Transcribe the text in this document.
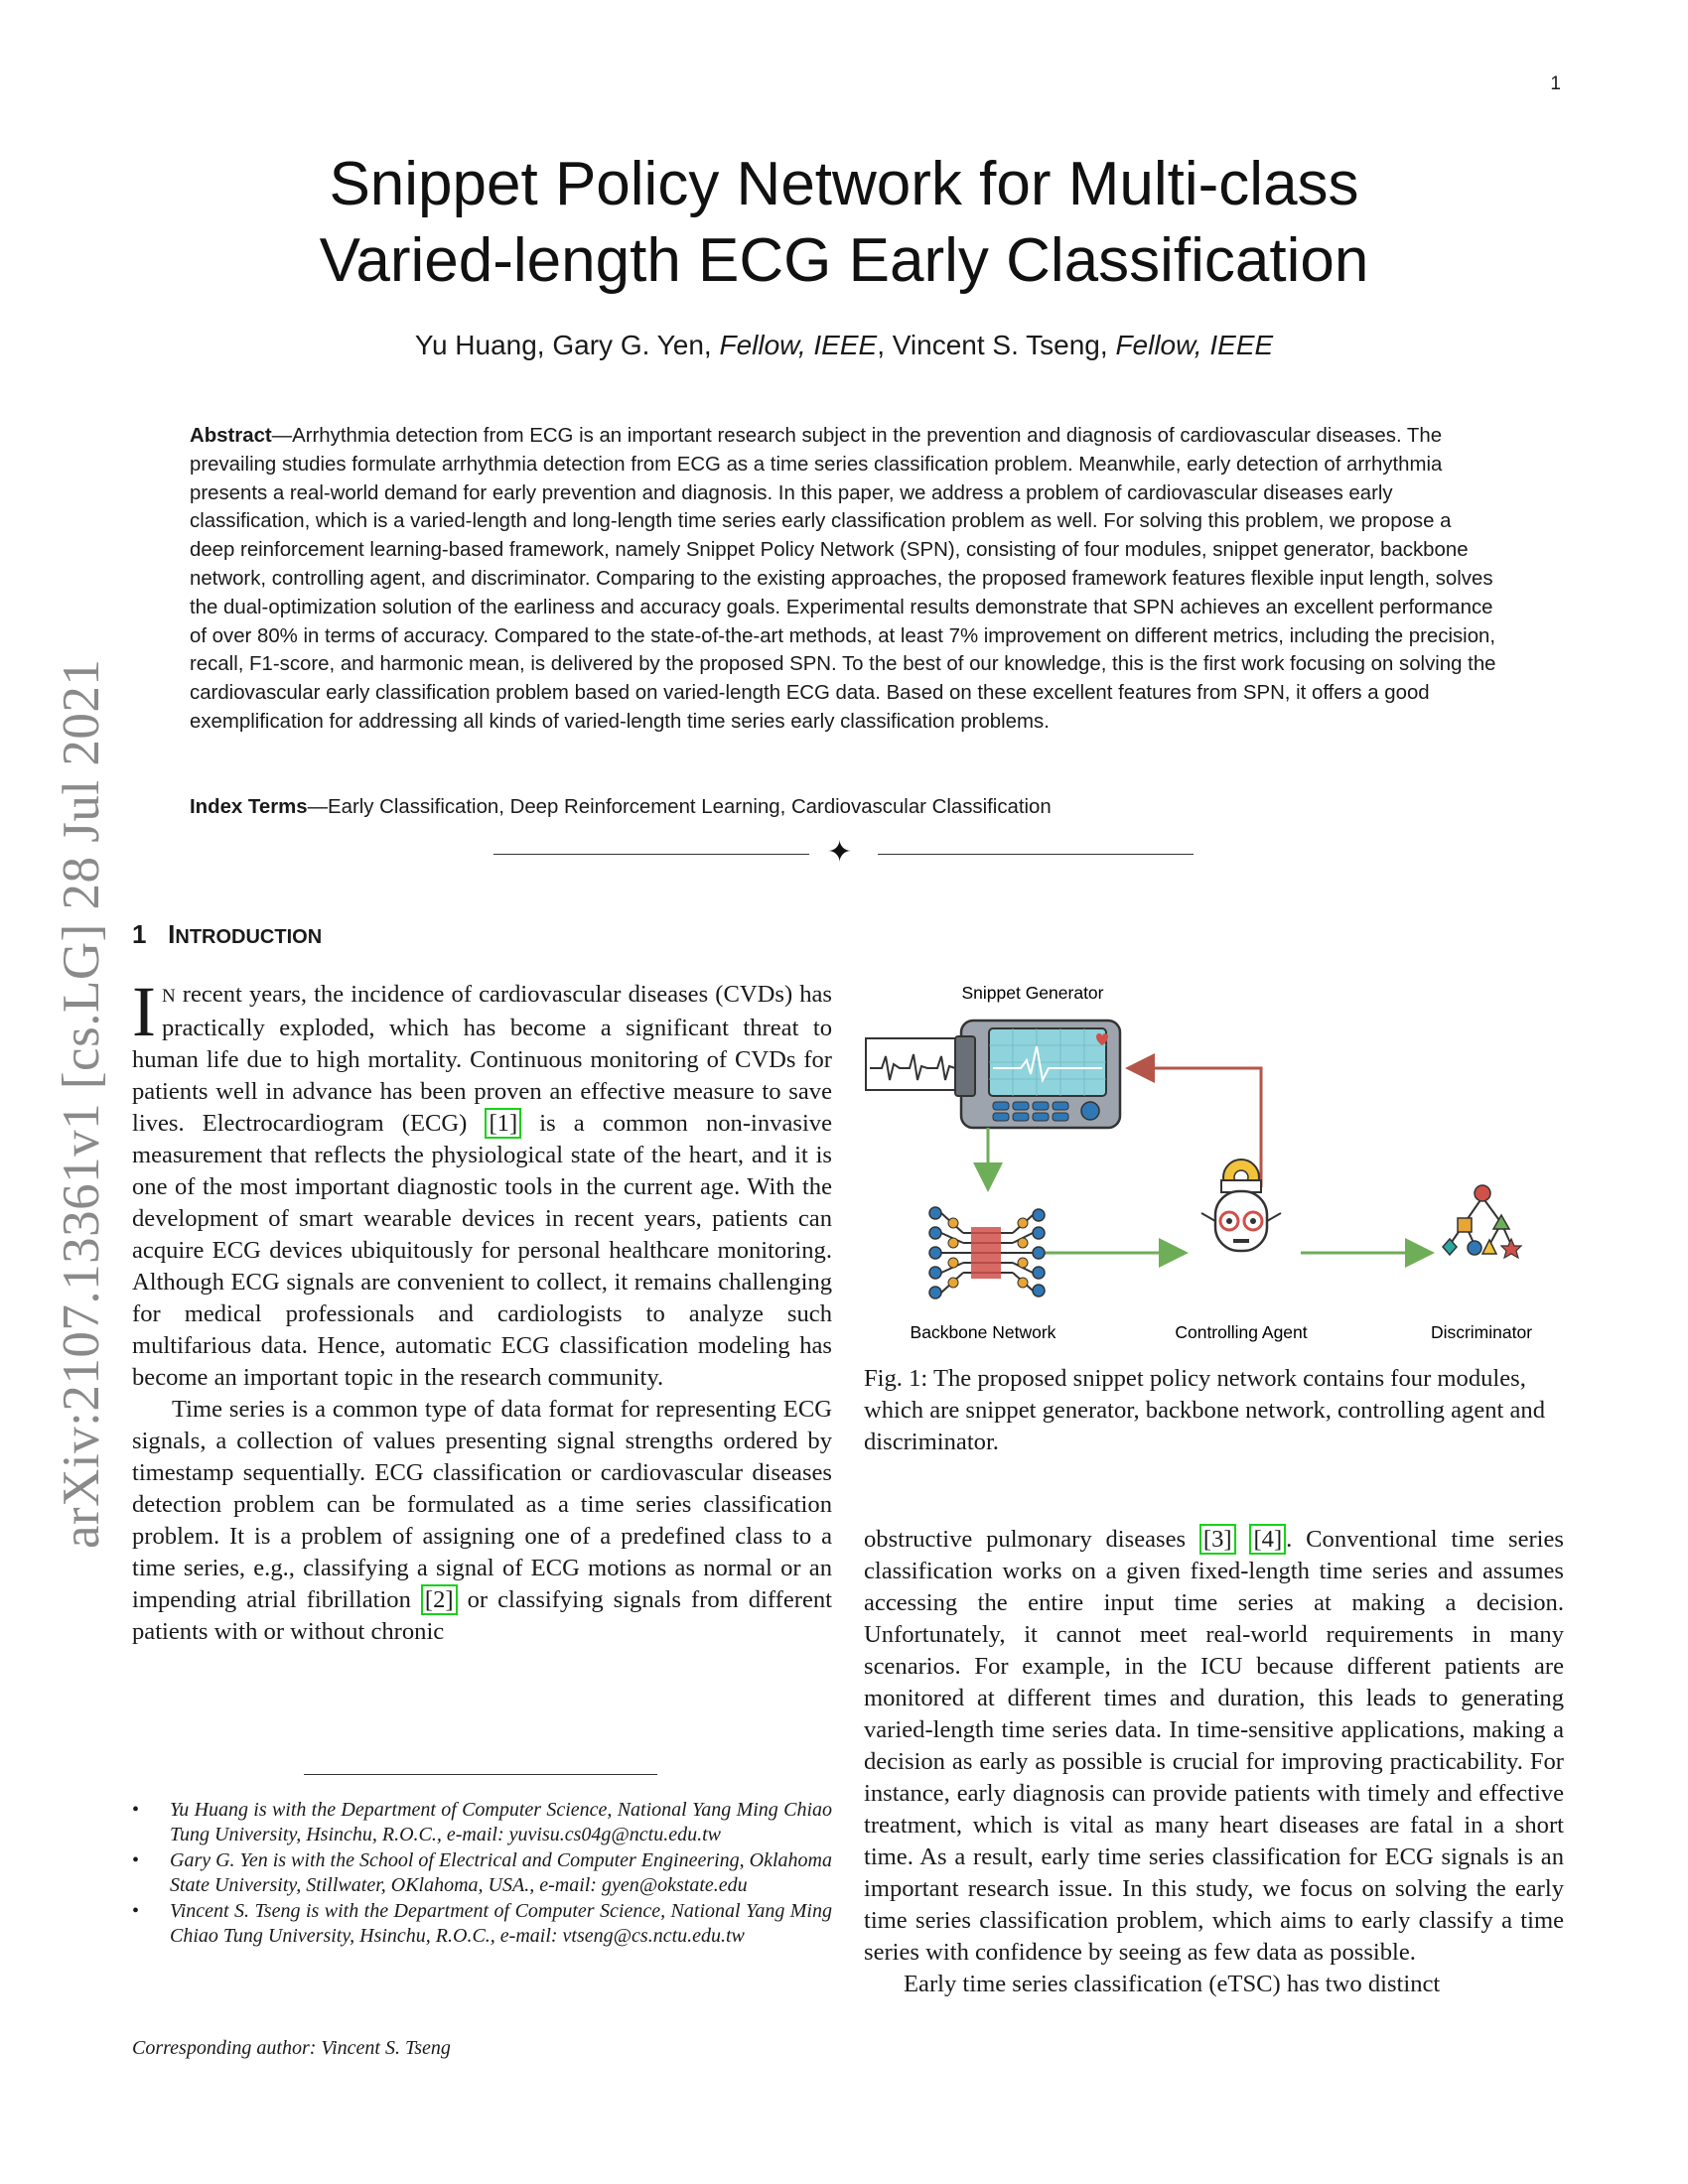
1
Snippet Policy Network for Multi-class
Varied-length ECG Early Classification
Yu Huang, Gary G. Yen, Fellow, IEEE, Vincent S. Tseng, Fellow, IEEE
Abstract—Arrhythmia detection from ECG is an important research subject in the prevention and diagnosis of cardiovascular diseases. The prevailing studies formulate arrhythmia detection from ECG as a time series classification problem. Meanwhile, early detection of arrhythmia presents a real-world demand for early prevention and diagnosis. In this paper, we address a problem of cardiovascular diseases early classification, which is a varied-length and long-length time series early classification problem as well. For solving this problem, we propose a deep reinforcement learning-based framework, namely Snippet Policy Network (SPN), consisting of four modules, snippet generator, backbone network, controlling agent, and discriminator. Comparing to the existing approaches, the proposed framework features flexible input length, solves the dual-optimization solution of the earliness and accuracy goals. Experimental results demonstrate that SPN achieves an excellent performance of over 80% in terms of accuracy. Compared to the state-of-the-art methods, at least 7% improvement on different metrics, including the precision, recall, F1-score, and harmonic mean, is delivered by the proposed SPN. To the best of our knowledge, this is the first work focusing on solving the cardiovascular early classification problem based on varied-length ECG data. Based on these excellent features from SPN, it offers a good exemplification for addressing all kinds of varied-length time series early classification problems.
Index Terms—Early Classification, Deep Reinforcement Learning, Cardiovascular Classification
✦
arXiv:2107.13361v1 [cs.LG] 28 Jul 2021 1 INTRODUCTION

I N recent years, the incidence of cardiovascular diseases (CVDs) has practically exploded, which has become a significant threat to human life due to high mortality. Continuous monitoring of CVDs for patients well in advance has been proven an effective measure to save lives. Electrocardiogram (ECG) [1] is a common non-invasive measurement that reflects the physiological state of the heart, and it is one of the most important diagnostic tools in the current age. With the development of smart wearable devices in recent years, patients can acquire ECG devices ubiquitously for personal healthcare monitoring. Although ECG signals are convenient to collect, it remains challenging for medical professionals and cardiologists to analyze such multifarious data. Hence, automatic ECG classification modeling has become an important topic in the research community.

Time series is a common type of data format for representing ECG signals, a collection of values presenting signal strengths ordered by timestamp sequentially. ECG classification or cardiovascular diseases detection problem can be formulated as a time series classification problem. It is a problem of assigning one of a predefined class to a time series, e.g., classifying a signal of ECG motions as normal or an impending atrial fibrillation [2] or classifying signals from different patients with or without chronic

• Yu Huang is with the Department of Computer Science, National Yang Ming Chiao Tung University, Hsinchu, R.O.C., e-mail: yuvisu.cs04g@nctu.edu.tw
• Gary G. Yen is with the School of Electrical and Computer Engineering, Oklahoma State University, Stillwater, OKlahoma, USA., e-mail: gyen@okstate.edu
• Vincent S. Tseng is with the Department of Computer Science, National Yang Ming Chiao Tung University, Hsinchu, R.O.C., e-mail: vtseng@cs.nctu.edu.tw
Corresponding author: Vincent S. Tseng
Snippet Generator
Backbone Network	Controlling Agent	Discriminator
Fig. 1: The proposed snippet policy network contains four modules, which are snippet generator, backbone network, controlling agent and discriminator.

obstructive pulmonary diseases [3] [4] . Conventional time series classification works on a given fixed-length time series and assumes accessing the entire input time series at making a decision. Unfortunately, it cannot meet real-world requirements in many scenarios. For example, in the ICU because different patients are monitored at different times and duration, this leads to generating varied-length time series data. In time-sensitive applications, making a decision as early as possible is crucial for improving practicability. For instance, early diagnosis can provide patients with timely and effective treatment, which is vital as many heart diseases are fatal in a short time. As a result, early time series classification for ECG signals is an important research issue. In this study, we focus on solving the early time series classification problem, which aims to early classify a time series with confidence by seeing as few data as possible.

Early time series classification (eTSC) has two distinct
